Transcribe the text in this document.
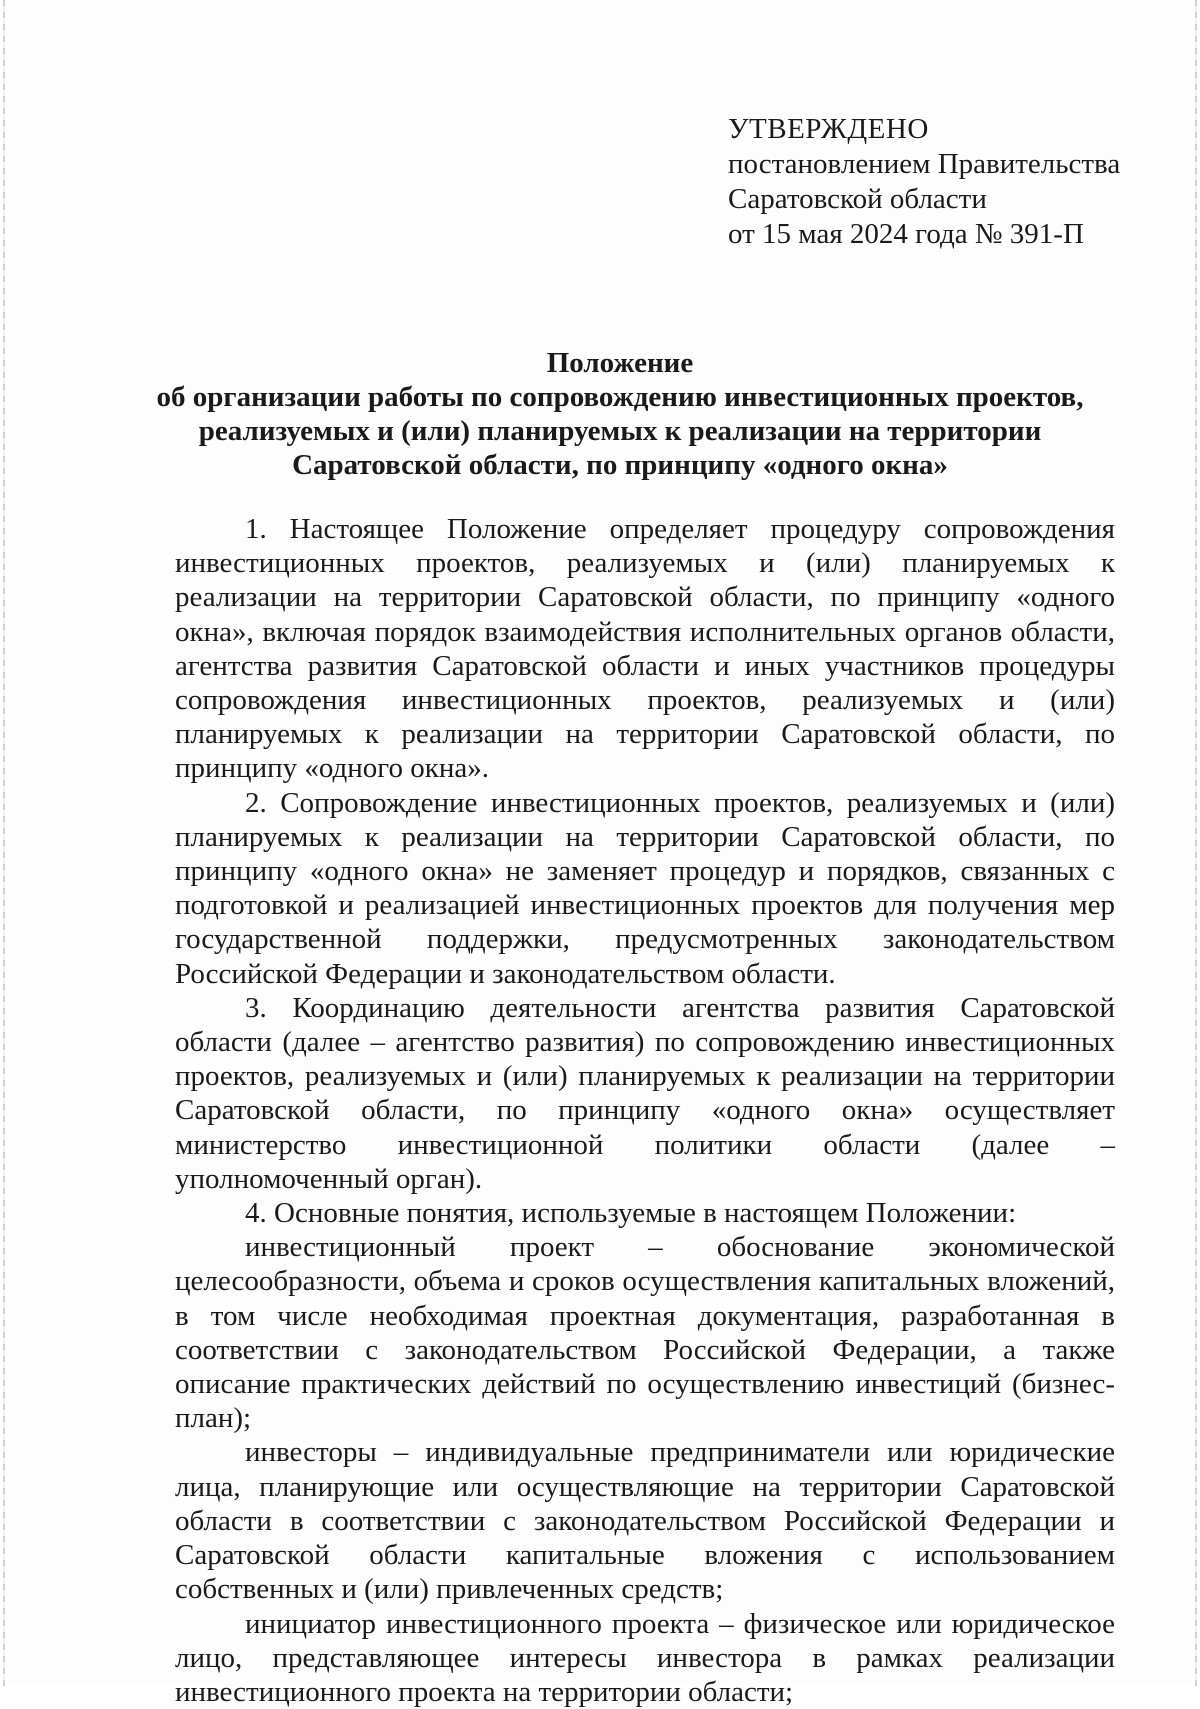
УТВЕРЖДЕНО
постановлением Правительства
Саратовской области
от 15 мая 2024 года № 391-П
Положение
об организации работы по сопровождению инвестиционных проектов,
реализуемых и (или) планируемых к реализации на территории
Саратовской области, по принципу «одного окна»

1. Настоящее Положение определяет процедуру сопровождения инвестиционных проектов, реализуемых и (или) планируемых к реализации на территории Саратовской области, по принципу «одного окна», включая порядок взаимодействия исполнительных органов области, агентства развития Саратовской области и иных участников процедуры сопровождения инвестиционных проектов, реализуемых и (или) планируемых к реализации на территории Саратовской области, по принципу «одного окна».

2. Сопровождение инвестиционных проектов, реализуемых и (или) планируемых к реализации на территории Саратовской области, по принципу «одного окна» не заменяет процедур и порядков, связанных с подготовкой и реализацией инвестиционных проектов для получения мер государственной поддержки, предусмотренных законодательством Российской Федерации и законодательством области.

3. Координацию деятельности агентства развития Саратовской области (далее – агентство развития) по сопровождению инвестиционных проектов, реализуемых и (или) планируемых к реализации на территории Саратовской области, по принципу «одного окна» осуществляет министерство инвестиционной политики области (далее – уполномоченный орган).

4. Основные понятия, используемые в настоящем Положении:

инвестиционный проект – обоснование экономической целесообразности, объема и сроков осуществления капитальных вложений, в том числе необходимая проектная документация, разработанная в соответствии с законодательством Российской Федерации, а также описание практических действий по осуществлению инвестиций (бизнес-план);

инвесторы – индивидуальные предприниматели или юридические лица, планирующие или осуществляющие на территории Саратовской области в соответствии с законодательством Российской Федерации и Саратовской области капитальные вложения с использованием собственных и (или) привлеченных средств;

инициатор инвестиционного проекта – физическое или юридическое лицо, представляющее интересы инвестора в рамках реализации инвестиционного проекта на территории области;
